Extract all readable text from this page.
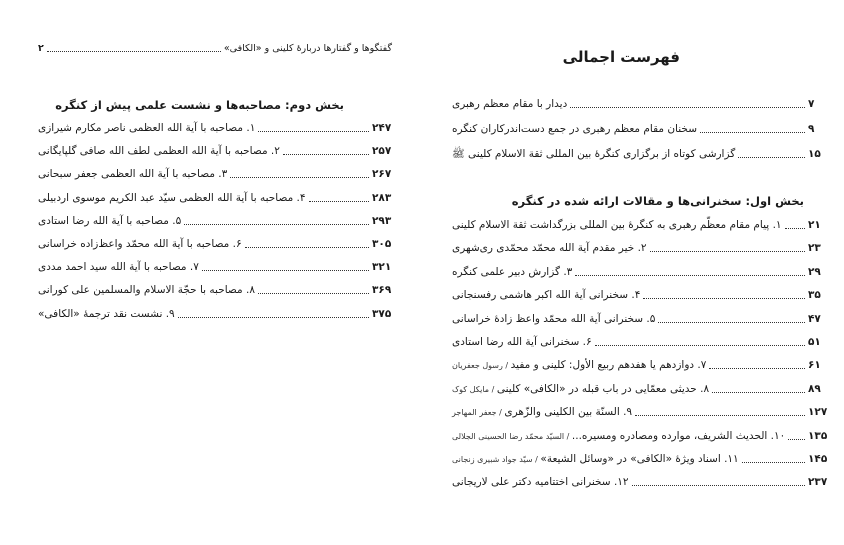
۲	گفتگوها و گفتارها دربارهٔ کلینی و «الکافی»
بخش دوم: مصاحبه‌ها و نشست علمی پیش از کنگره
۱. مصاحبه با آیة الله العظمی ناصر مکارم شیرازی	۲۴۷
۲. مصاحبه با آیة الله العظمی لطف الله صافی گلپایگانی	۲۵۷
۳. مصاحبه با آیة الله العظمی جعفر سبحانی	۲۶۷
۴. مصاحبه با آیة الله العظمی سیّد عبد الکریم موسوی اردبیلی	۲۸۳
۵. مصاحبه با آیة الله رضا استادی	۲۹۳
۶. مصاحبه با آیة الله محمّد واعظ‌زاده خراسانی	۳۰۵
۷. مصاحبه با آیة الله سید احمد مددی	۳۲۱
۸. مصاحبه با حجّة الاسلام والمسلمین علی کورانی	۳۶۹
۹. نشست نقد ترجمهٔ «الکافی»	۳۷۵
فهرست اجمالی
دیدار با مقام معظم رهبری	۷
سخنان مقام معظم رهبری در جمع دست‌اندرکاران کنگره	۹
گزارشی کوتاه از برگزاری کنگرهٔ بین المللی ثقة الاسلام کلینی ﷺ	۱۵
بخش اول: سخنرانی‌ها و مقالات ارائه شده در کنگره
۱. پیام مقام معظّم رهبری به کنگرهٔ بین المللی بزرگداشت ثقة الاسلام کلینی	۲۱
۲. خیر مقدم آیة الله محمّد محمّدی ری‌شهری	۲۳
۳. گزارش دبیر علمی کنگره	۲۹
۴. سخنرانی آیة الله اکبر هاشمی رفسنجانی	۳۵
۵. سخنرانی آیة الله محمّد واعظ زادهٔ خراسانی	۴۷
۶. سخنرانی آیة الله رضا استادی	۵۱
۷. دوازدهم یا هفدهم ربیع الأول: کلینی و مفید / رسول جعفریان	۶۱
۸. حدیثی معمّایی در باب قبله در «الکافی» کلینی / مایکل کوک	۸۹
۹. السنّة بین الکلینی والزّهری / جعفر المهاجر	۱۲۷
۱۰. الحدیث الشریف، موارده ومصادره ومسیره... / السیّد محمّد رضا الحسینی الجلالی	۱۳۵
۱۱. اسناد ویژهٔ «الکافی» در «وسائل الشیعة» / سیّد جواد شبیری زنجانی	۱۴۵
۱۲. سخنرانی اختتامیه دکتر علی لاریجانی	۲۳۷
